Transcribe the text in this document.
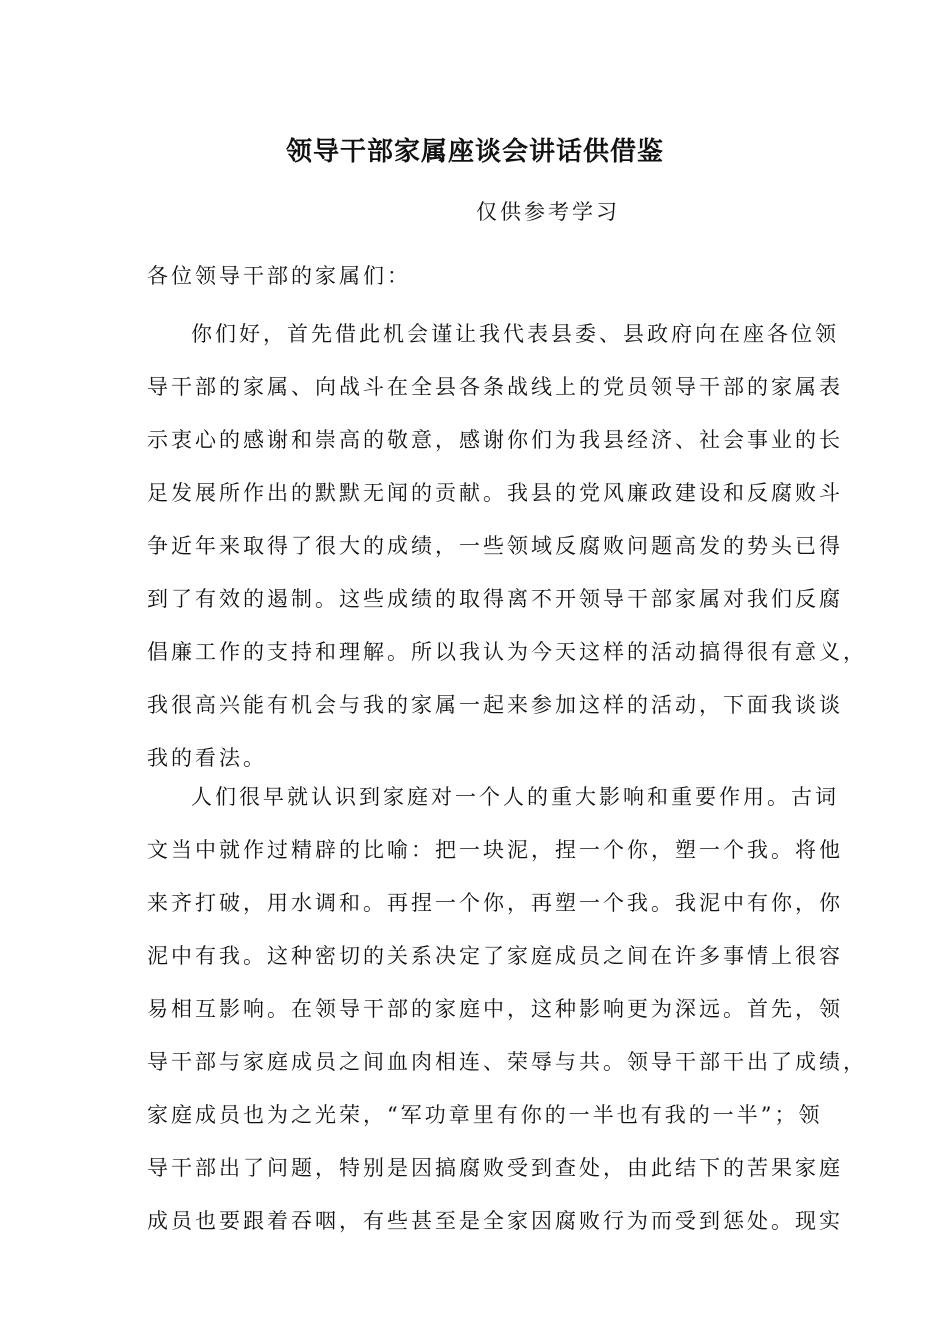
领导干部家属座谈会讲话供借鉴
仅供参考学习
各位领导干部的家属们：
你们好，首先借此机会谨让我代表县委、县政府向在座各位领
导干部的家属、向战斗在全县各条战线上的党员领导干部的家属表
示衷心的感谢和崇高的敬意，感谢你们为我县经济、社会事业的长
足发展所作出的默默无闻的贡献。我县的党风廉政建设和反腐败斗
争近年来取得了很大的成绩，一些领域反腐败问题高发的势头已得
到了有效的遏制。这些成绩的取得离不开领导干部家属对我们反腐
倡廉工作的支持和理解。所以我认为今天这样的活动搞得很有意义，
我很高兴能有机会与我的家属一起来参加这样的活动，下面我谈谈
我的看法。
人们很早就认识到家庭对一个人的重大影响和重要作用。古词
文当中就作过精辟的比喻：把一块泥，捏一个你，塑一个我。将他
来齐打破，用水调和。再捏一个你，再塑一个我。我泥中有你，你
泥中有我。这种密切的关系决定了家庭成员之间在许多事情上很容
易相互影响。在领导干部的家庭中，这种影响更为深远。首先，领
导干部与家庭成员之间血肉相连、荣辱与共。领导干部干出了成绩，
家庭成员也为之光荣，“军功章里有你的一半也有我的一半”；领
导干部出了问题，特别是因搞腐败受到查处，由此结下的苦果家庭
成员也要跟着吞咽，有些甚至是全家因腐败行为而受到惩处。现实
